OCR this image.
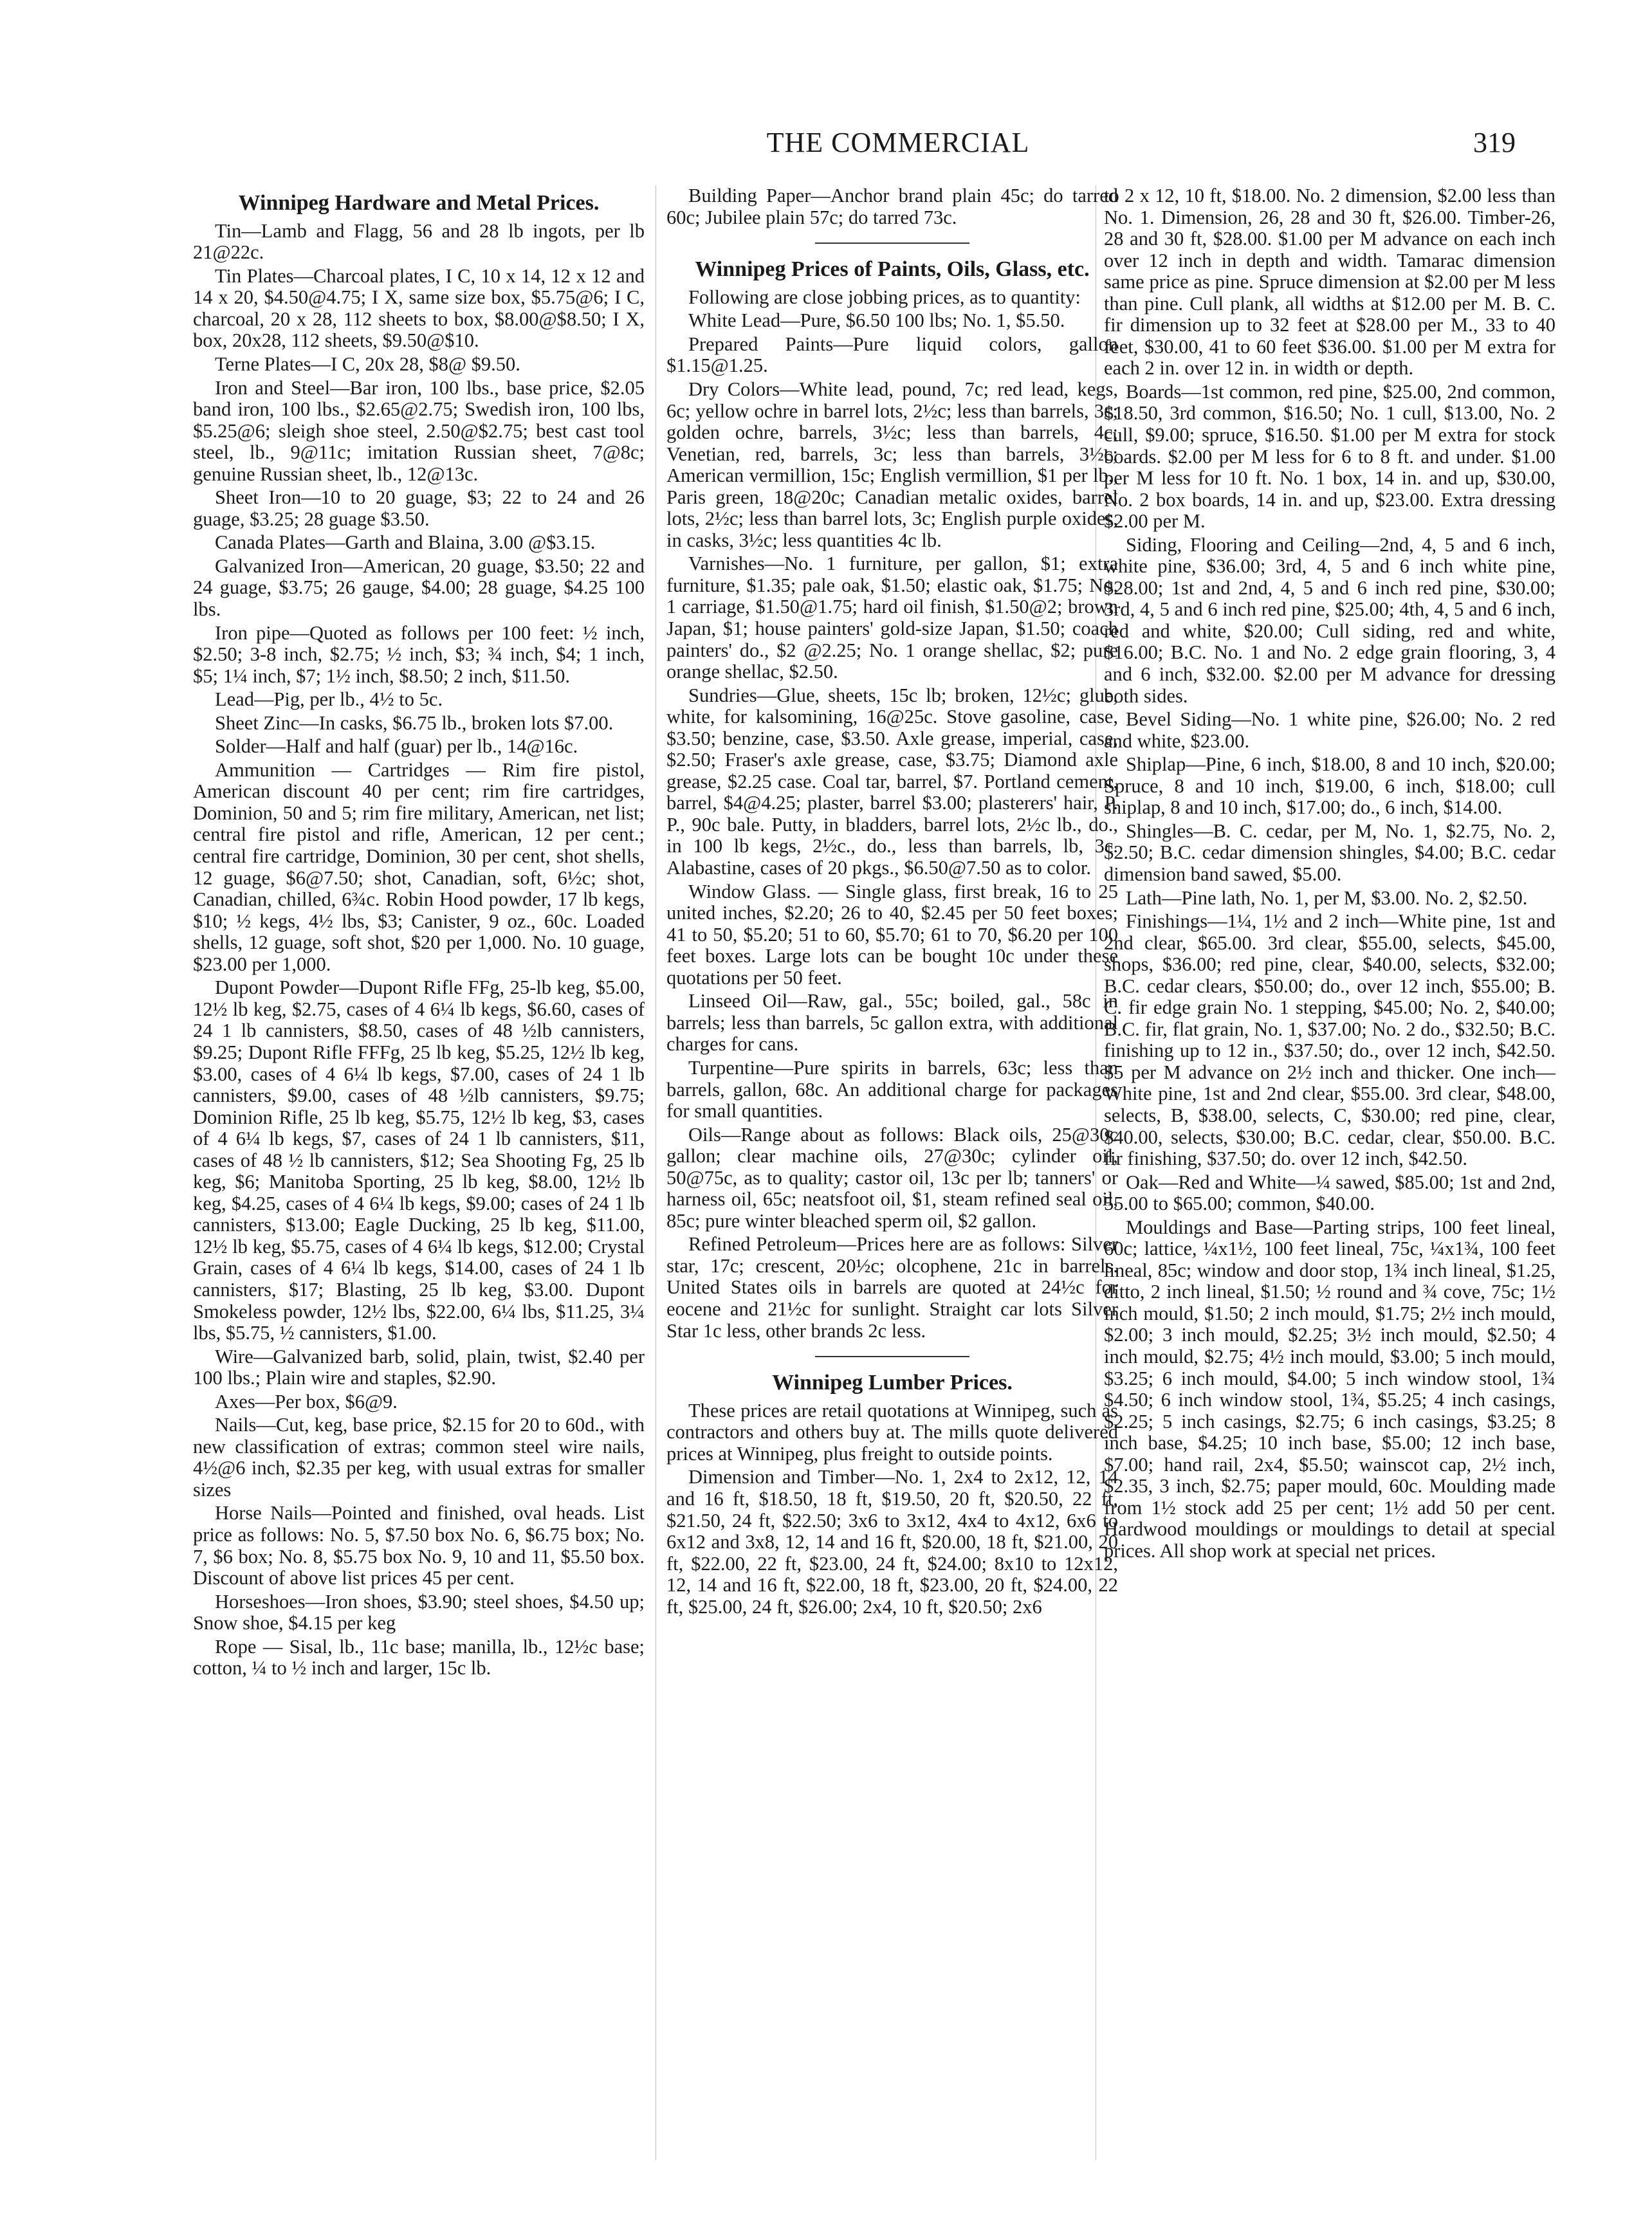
THE COMMERCIAL	319
Winnipeg Hardware and Metal Prices.
Tin—Lamb and Flagg, 56 and 28 lb ingots, per lb 21@22c.
Tin Plates—Charcoal plates, I C, 10 x 14, 12 x 12 and 14 x 20, $4.50@4.75; I X, same size box, $5.75@6; I C, charcoal, 20 x 28, 112 sheets to box, $8.00@$8.50; I X, box, 20x28, 112 sheets, $9.50@$10.
Terne Plates—I C, 20x 28, $8@ $9.50.
Iron and Steel—Bar iron, 100 lbs., base price, $2.05 band iron, 100 lbs., $2.65@2.75; Swedish iron, 100 lbs, $5.25@6; sleigh shoe steel, 2.50@$2.75; best cast tool steel, lb., 9@11c; imitation Russian sheet, 7@8c; genuine Russian sheet, lb., 12@13c.
Sheet Iron—10 to 20 guage, $3; 22 to 24 and 26 guage, $3.25; 28 guage $3.50.
Canada Plates—Garth and Blaina, 3.00 @$3.15.
Galvanized Iron—American, 20 guage, $3.50; 22 and 24 guage, $3.75; 26 gauge, $4.00; 28 guage, $4.25 100 lbs.
Iron pipe—Quoted as follows per 100 feet: ½ inch, $2.50; 3-8 inch, $2.75; ½ inch, $3; ¾ inch, $4; 1 inch, $5; 1¼ inch, $7; 1½ inch, $8.50; 2 inch, $11.50.
Lead—Pig, per lb., 4½ to 5c.
Sheet Zinc—In casks, $6.75 lb., broken lots $7.00.
Solder—Half and half (guar) per lb., 14@16c.
Ammunition — Cartridges — Rim fire pistol, American discount 40 per cent; rim fire cartridges, Dominion, 50 and 5; rim fire military, American, net list; central fire pistol and rifle, American, 12 per cent.; central fire cartridge, Dominion, 30 per cent, shot shells, 12 guage, $6@7.50; shot, Canadian, soft, 6½c; shot, Canadian, chilled, 6¾c. Robin Hood powder, 17 lb kegs, $10; ½ kegs, 4½ lbs, $3; Canister, 9 oz., 60c. Loaded shells, 12 guage, soft shot, $20 per 1,000. No. 10 guage, $23.00 per 1,000.
Dupont Powder—Dupont Rifle FFg, 25-lb keg, $5.00, 12½ lb keg, $2.75, cases of 4 6¼ lb kegs, $6.60, cases of 24 1 lb cannisters, $8.50, cases of 48 ½lb cannisters, $9.25; Dupont Rifle FFFg, 25 lb keg, $5.25, 12½ lb keg, $3.00, cases of 4 6¼ lb kegs, $7.00, cases of 24 1 lb cannisters, $9.00, cases of 48 ½lb cannisters, $9.75; Dominion Rifle, 25 lb keg, $5.75, 12½ lb keg, $3, cases of 4 6¼ lb kegs, $7, cases of 24 1 lb cannisters, $11, cases of 48 ½ lb cannisters, $12; Sea Shooting Fg, 25 lb keg, $6; Manitoba Sporting, 25 lb keg, $8.00, 12½ lb keg, $4.25, cases of 4 6¼ lb kegs, $9.00; cases of 24 1 lb cannisters, $13.00; Eagle Ducking, 25 lb keg, $11.00, 12½ lb keg, $5.75, cases of 4 6¼ lb kegs, $12.00; Crystal Grain, cases of 4 6¼ lb kegs, $14.00, cases of 24 1 lb cannisters, $17; Blasting, 25 lb keg, $3.00. Dupont Smokeless powder, 12½ lbs, $22.00, 6¼ lbs, $11.25, 3¼ lbs, $5.75, ½ cannisters, $1.00.
Wire—Galvanized barb, solid, plain, twist, $2.40 per 100 lbs.; Plain wire and staples, $2.90.
Axes—Per box, $6@9.
Nails—Cut, keg, base price, $2.15 for 20 to 60d., with new classification of extras; common steel wire nails, 4½@6 inch, $2.35 per keg, with usual extras for smaller sizes
Horse Nails—Pointed and finished, oval heads. List price as follows: No. 5, $7.50 box No. 6, $6.75 box; No. 7, $6 box; No. 8, $5.75 box No. 9, 10 and 11, $5.50 box. Discount of above list prices 45 per cent.
Horseshoes—Iron shoes, $3.90; steel shoes, $4.50 up; Snow shoe, $4.15 per keg
Rope — Sisal, lb., 11c base; manilla, lb., 12½c base; cotton, ¼ to ½ inch and larger, 15c lb.
Building Paper—Anchor brand plain 45c; do tarred 60c; Jubilee plain 57c; do tarred 73c.
Winnipeg Prices of Paints, Oils, Glass, etc.
Following are close jobbing prices, as to quantity:
White Lead—Pure, $6.50 100 lbs; No. 1, $5.50.
Prepared Paints—Pure liquid colors, gallon $1.15@1.25.
Dry Colors—White lead, pound, 7c; red lead, kegs, 6c; yellow ochre in barrel lots, 2½c; less than barrels, 3c; golden ochre, barrels, 3½c; less than barrels, 4c; Venetian, red, barrels, 3c; less than barrels, 3½c; American vermillion, 15c; English vermillion, $1 per lb., Paris green, 18@20c; Canadian metalic oxides, barrel lots, 2½c; less than barrel lots, 3c; English purple oxides, in casks, 3½c; less quantities 4c lb.
Varnishes—No. 1 furniture, per gallon, $1; extra furniture, $1.35; pale oak, $1.50; elastic oak, $1.75; No. 1 carriage, $1.50@1.75; hard oil finish, $1.50@2; brown Japan, $1; house painters' gold-size Japan, $1.50; coach painters' do., $2 @2.25; No. 1 orange shellac, $2; pure orange shellac, $2.50.
Sundries—Glue, sheets, 15c lb; broken, 12½c; glue, white, for kalsomining, 16@25c. Stove gasoline, case, $3.50; benzine, case, $3.50. Axle grease, imperial, case, $2.50; Fraser's axle grease, case, $3.75; Diamond axle grease, $2.25 case. Coal tar, barrel, $7. Portland cement, barrel, $4@4.25; plaster, barrel $3.00; plasterers' hair, P. P., 90c bale. Putty, in bladders, barrel lots, 2½c lb., do., in 100 lb kegs, 2½c., do., less than barrels, lb, 3c. Alabastine, cases of 20 pkgs., $6.50@7.50 as to color.
Window Glass. — Single glass, first break, 16 to 25 united inches, $2.20; 26 to 40, $2.45 per 50 feet boxes; 41 to 50, $5.20; 51 to 60, $5.70; 61 to 70, $6.20 per 100 feet boxes. Large lots can be bought 10c under these quotations per 50 feet.
Linseed Oil—Raw, gal., 55c; boiled, gal., 58c in barrels; less than barrels, 5c gallon extra, with additional charges for cans.
Turpentine—Pure spirits in barrels, 63c; less than barrels, gallon, 68c. An additional charge for packages for small quantities.
Oils—Range about as follows: Black oils, 25@30c gallon; clear machine oils, 27@30c; cylinder oil, 50@75c, as to quality; castor oil, 13c per lb; tanners' or harness oil, 65c; neatsfoot oil, $1, steam refined seal oil, 85c; pure winter bleached sperm oil, $2 gallon.
Refined Petroleum—Prices here are as follows: Silver star, 17c; crescent, 20½c; olcophene, 21c in barrels. United States oils in barrels are quoted at 24½c for eocene and 21½c for sunlight. Straight car lots Silver Star 1c less, other brands 2c less.
Winnipeg Lumber Prices.
These prices are retail quotations at Winnipeg, such as contractors and others buy at. The mills quote delivered prices at Winnipeg, plus freight to outside points.
Dimension and Timber—No. 1, 2x4 to 2x12, 12, 14 and 16 ft, $18.50, 18 ft, $19.50, 20 ft, $20.50, 22 ft, $21.50, 24 ft, $22.50; 3x6 to 3x12, 4x4 to 4x12, 6x6 to 6x12 and 3x8, 12, 14 and 16 ft, $20.00, 18 ft, $21.00, 20 ft, $22.00, 22 ft, $23.00, 24 ft, $24.00; 8x10 to 12x12, 12, 14 and 16 ft, $22.00, 18 ft, $23.00, 20 ft, $24.00, 22 ft, $25.00, 24 ft, $26.00; 2x4, 10 ft, $20.50; 2x6
to 2 x 12, 10 ft, $18.00. No. 2 dimension, $2.00 less than No. 1. Dimension, 26, 28 and 30 ft, $26.00. Timber-26, 28 and 30 ft, $28.00. $1.00 per M advance on each inch over 12 inch in depth and width. Tamarac dimension same price as pine. Spruce dimension at $2.00 per M less than pine. Cull plank, all widths at $12.00 per M. B. C. fir dimension up to 32 feet at $28.00 per M., 33 to 40 feet, $30.00, 41 to 60 feet $36.00. $1.00 per M extra for each 2 in. over 12 in. in width or depth.
Boards—1st common, red pine, $25.00, 2nd common, $18.50, 3rd common, $16.50; No. 1 cull, $13.00, No. 2 cull, $9.00; spruce, $16.50. $1.00 per M extra for stock boards. $2.00 per M less for 6 to 8 ft. and under. $1.00 per M less for 10 ft. No. 1 box, 14 in. and up, $30.00, No. 2 box boards, 14 in. and up, $23.00. Extra dressing $2.00 per M.
Siding, Flooring and Ceiling—2nd, 4, 5 and 6 inch, white pine, $36.00; 3rd, 4, 5 and 6 inch white pine, $28.00; 1st and 2nd, 4, 5 and 6 inch red pine, $30.00; 3rd, 4, 5 and 6 inch red pine, $25.00; 4th, 4, 5 and 6 inch, red and white, $20.00; Cull siding, red and white, $16.00; B.C. No. 1 and No. 2 edge grain flooring, 3, 4 and 6 inch, $32.00. $2.00 per M advance for dressing both sides.
Bevel Siding—No. 1 white pine, $26.00; No. 2 red and white, $23.00.
Shiplap—Pine, 6 inch, $18.00, 8 and 10 inch, $20.00; Spruce, 8 and 10 inch, $19.00, 6 inch, $18.00; cull shiplap, 8 and 10 inch, $17.00; do., 6 inch, $14.00.
Shingles—B. C. cedar, per M, No. 1, $2.75, No. 2, $2.50; B.C. cedar dimension shingles, $4.00; B.C. cedar dimension band sawed, $5.00.
Lath—Pine lath, No. 1, per M, $3.00. No. 2, $2.50.
Finishings—1¼, 1½ and 2 inch—White pine, 1st and 2nd clear, $65.00. 3rd clear, $55.00, selects, $45.00, shops, $36.00; red pine, clear, $40.00, selects, $32.00; B.C. cedar clears, $50.00; do., over 12 inch, $55.00; B. C. fir edge grain No. 1 stepping, $45.00; No. 2, $40.00; B.C. fir, flat grain, No. 1, $37.00; No. 2 do., $32.50; B.C. finishing up to 12 in., $37.50; do., over 12 inch, $42.50. $5 per M advance on 2½ inch and thicker. One inch—White pine, 1st and 2nd clear, $55.00. 3rd clear, $48.00, selects, B, $38.00, selects, C, $30.00; red pine, clear, $40.00, selects, $30.00; B.C. cedar, clear, $50.00. B.C. fir finishing, $37.50; do. over 12 inch, $42.50.
Oak—Red and White—¼ sawed, $85.00; 1st and 2nd, 55.00 to $65.00; common, $40.00.
Mouldings and Base—Parting strips, 100 feet lineal, 60c; lattice, ¼x1½, 100 feet lineal, 75c, ¼x1¾, 100 feet lineal, 85c; window and door stop, 1¾ inch lineal, $1.25, ditto, 2 inch lineal, $1.50; ½ round and ¾ cove, 75c; 1½ inch mould, $1.50; 2 inch mould, $1.75; 2½ inch mould, $2.00; 3 inch mould, $2.25; 3½ inch mould, $2.50; 4 inch mould, $2.75; 4½ inch mould, $3.00; 5 inch mould, $3.25; 6 inch mould, $4.00; 5 inch window stool, 1¾ $4.50; 6 inch window stool, 1¾, $5.25; 4 inch casings, $2.25; 5 inch casings, $2.75; 6 inch casings, $3.25; 8 inch base, $4.25; 10 inch base, $5.00; 12 inch base, $7.00; hand rail, 2x4, $5.50; wainscot cap, 2½ inch, $2.35, 3 inch, $2.75; paper mould, 60c. Moulding made from 1½ stock add 25 per cent; 1½ add 50 per cent. Hardwood mouldings or mouldings to detail at special prices. All shop work at special net prices.
